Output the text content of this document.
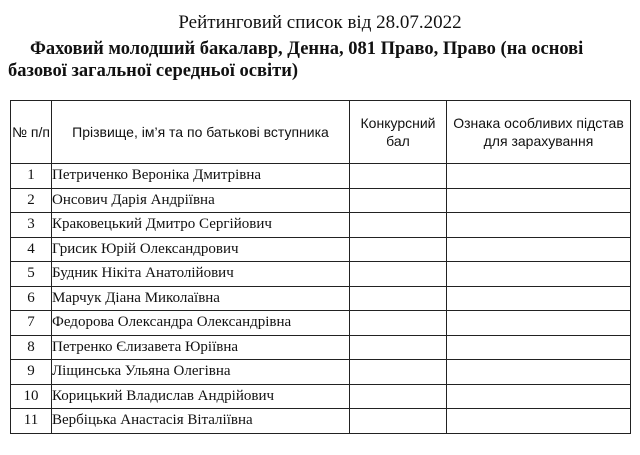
Рейтинговий список від 28.07.2022

Фаховий молодший бакалавр, Денна, 081 Право, Право (на основі базової загальної середньої освіти)

№ п/п	Прізвище, ім’я та по батькові вступника	Конкурсний бал	Ознака особливих підстав для зарахування
1	Петриченко Вероніка Дмитрівна		
2	Онсович Дарія Андріївна		
3	Краковецький Дмитро Сергійович		
4	Грисик Юрій Олександрович		
5	Будник Нікіта Анатолійович		
6	Марчук Діана Миколаївна		
7	Федорова Олександра Олександрівна		
8	Петренко Єлизавета Юріївна		
9	Ліщинська Ульяна Олегівна		
10	Корицький Владислав Андрійович		
11	Вербіцька Анастасія Віталіївна		
